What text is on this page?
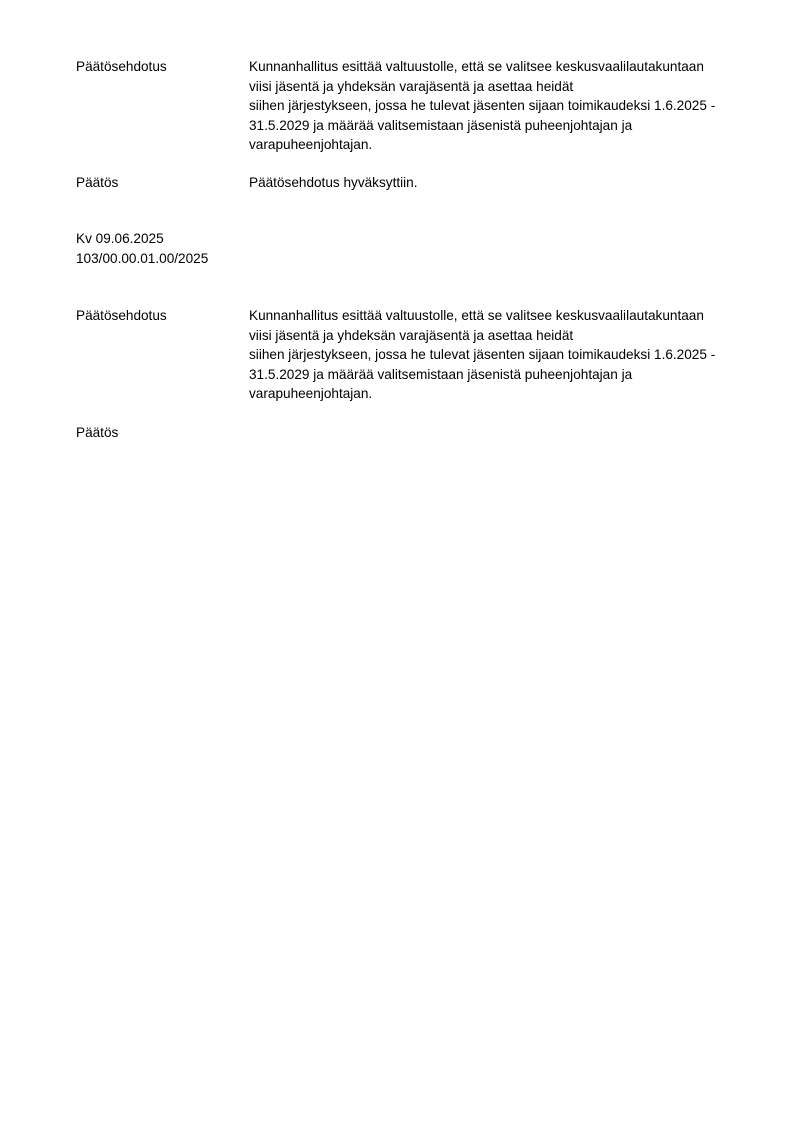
Päätösehdotus	Kunnanhallitus esittää valtuustolle, että se valitsee keskusvaalilautakuntaan
viisi jäsentä ja yhdeksän varajäsentä ja asettaa heidät
siihen järjestykseen, jossa he tulevat jäsenten sijaan toimikaudeksi 1.6.2025 -
31.5.2029 ja määrää valitsemistaan jäsenistä puheenjohtajan ja
varapuheenjohtajan.
Päätös	Päätösehdotus hyväksyttiin.
Kv 09.06.2025
103/00.00.01.00/2025
Päätösehdotus	Kunnanhallitus esittää valtuustolle, että se valitsee keskusvaalilautakuntaan
viisi jäsentä ja yhdeksän varajäsentä ja asettaa heidät
siihen järjestykseen, jossa he tulevat jäsenten sijaan toimikaudeksi 1.6.2025 -
31.5.2029 ja määrää valitsemistaan jäsenistä puheenjohtajan ja
varapuheenjohtajan.
Päätös
